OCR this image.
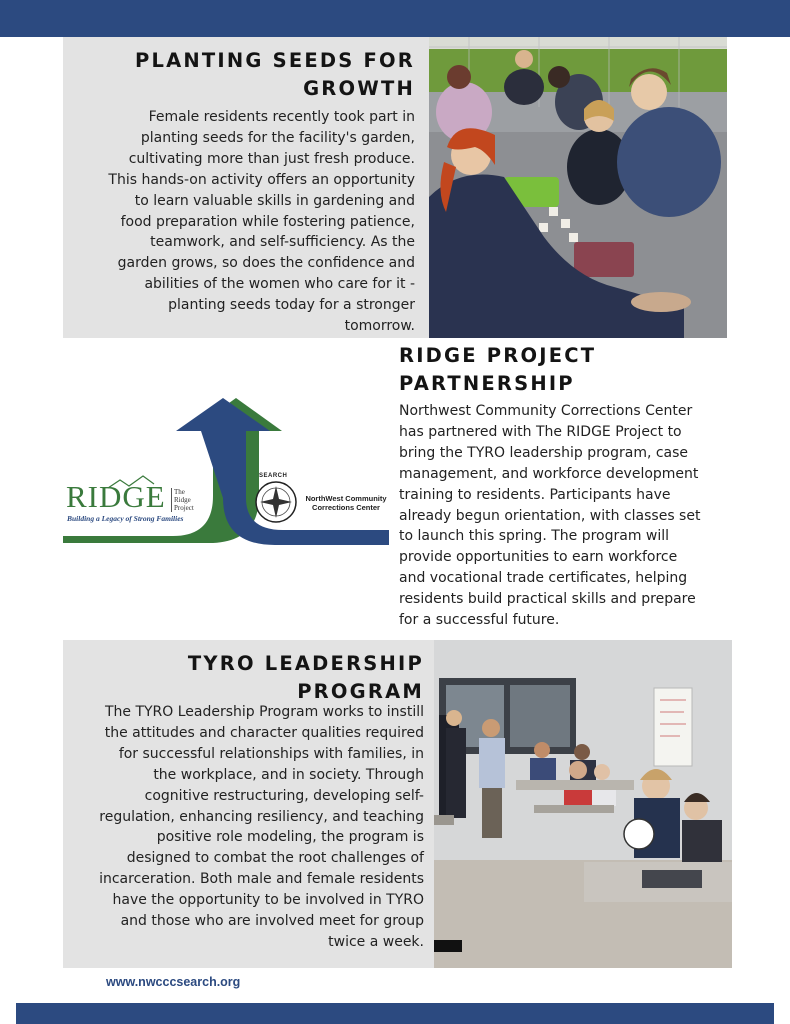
PLANTING SEEDS FOR
GROWTH
Female residents recently took part in
planting seeds for the facility's garden,
cultivating more than just fresh produce.
This hands-on activity offers an opportunity
to learn valuable skills in gardening and
food preparation while fostering patience,
teamwork, and self-sufficiency. As the
garden grows, so does the confidence and
abilities of the women who care for it -
planting seeds today for a stronger
tomorrow.
RIDGE The
Ridge
Project
Building a Legacy of Strong Families
SEARCH
NorthWest Community
Corrections Center
RIDGE PROJECT
PARTNERSHIP
Northwest Community Corrections Center
has partnered with The RIDGE Project to
bring the TYRO leadership program, case
management, and workforce development
training to residents. Participants have
already begun orientation, with classes set
to launch this spring. The program will
provide opportunities to earn workforce
and vocational trade certificates, helping
residents build practical skills and prepare
for a successful future.
TYRO LEADERSHIP
PROGRAM
The TYRO Leadership Program works to instill
the attitudes and character qualities required
for successful relationships with families, in
the workplace, and in society. Through
cognitive restructuring, developing self-
regulation, enhancing resiliency, and teaching
positive role modeling, the program is
designed to combat the root challenges of
incarceration. Both male and female residents
have the opportunity to be involved in TYRO
and those who are involved meet for group
twice a week.
www.nwcccsearch.org
